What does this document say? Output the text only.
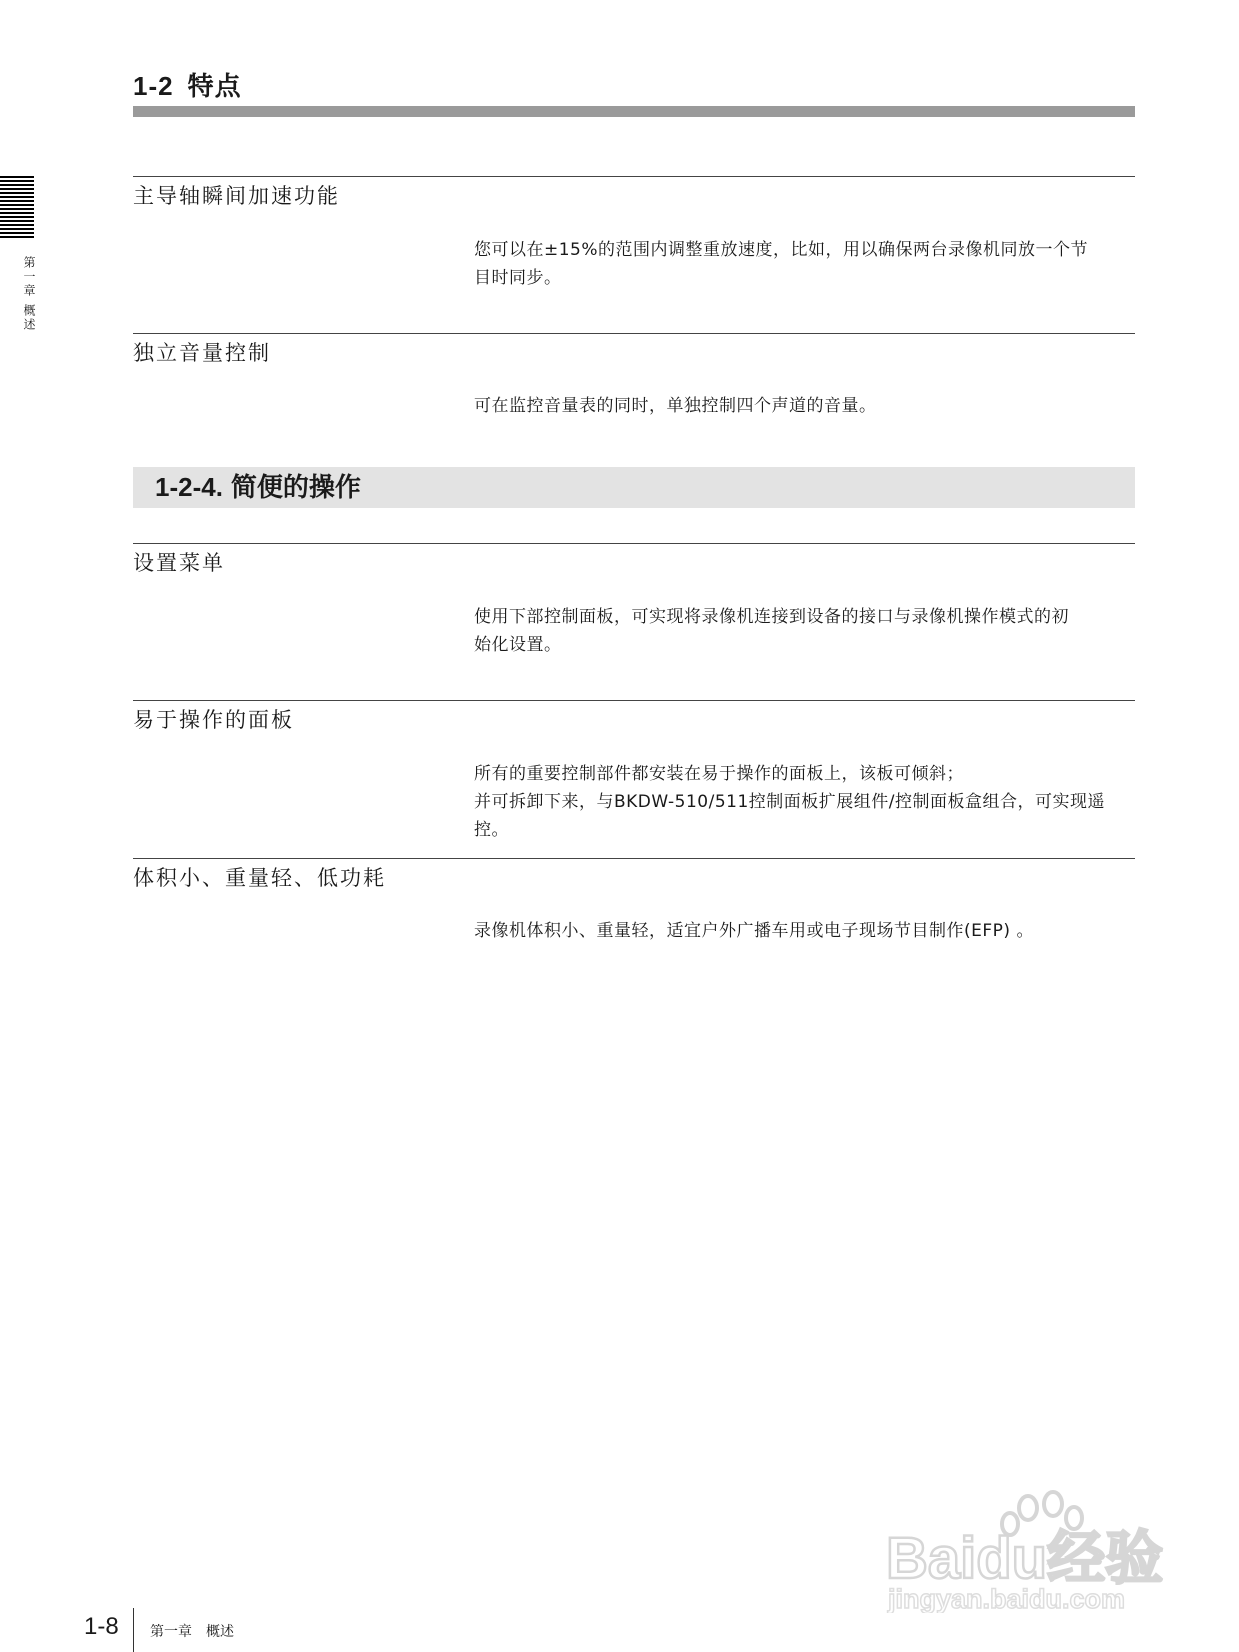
1-2 特点
第一章 概述
主导轴瞬间加速功能
您可以在±15%的范围内调整重放速度，比如，用以确保两台录像机同放一个节
目时同步。
独立音量控制
可在监控音量表的同时，单独控制四个声道的音量。
1-2-4. 简便的操作
设置菜单
使用下部控制面板，可实现将录像机连接到设备的接口与录像机操作模式的初
始化设置。
易于操作的面板
所有的重要控制部件都安装在易于操作的面板上，该板可倾斜；
并可拆卸下来，与BKDW-510/511控制面板扩展组件/控制面板盒组合，可实现遥控。
体积小、重量轻、低功耗
录像机体积小、重量轻，适宜户外广播车用或电子现场节目制作(EFP) 。
Baidu经验
jingyan.baidu.com
1-8 第一章　概述
